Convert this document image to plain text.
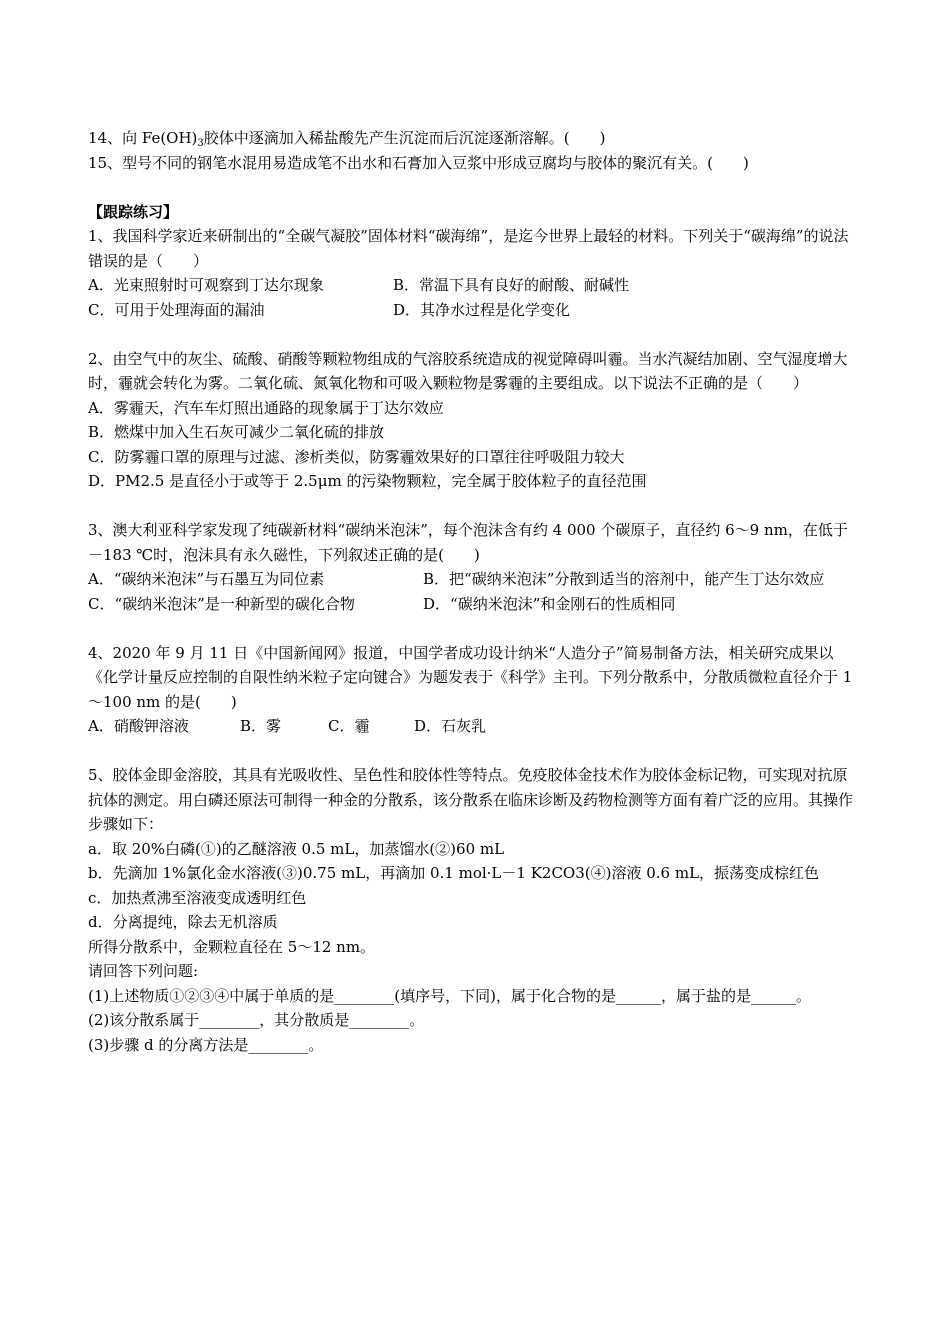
14、向 $Fe(OH)_3$胶体中逐滴加入稀盐酸先产生沉淀而后沉淀逐渐溶解。(　　)
15、型号不同的钢笔水混用易造成笔不出水和石膏加入豆浆中形成豆腐均与胶体的聚沉有关。(　　)
【跟踪练习】
1、我国科学家近来研制出的“全碳气凝胶”固体材料“碳海绵”，是迄今世界上最轻的材料。下列关于“碳海绵”的说法错误的是（　　）
A．光束照射时可观察到丁达尔现象	B．常温下具有良好的耐酸、耐碱性
C．可用于处理海面的漏油	D．其净水过程是化学变化
2、由空气中的灰尘、硫酸、硝酸等颗粒物组成的气溶胶系统造成的视觉障碍叫霾。当水汽凝结加剧、空气湿度增大时，霾就会转化为雾。二氧化硫、氮氧化物和可吸入颗粒物是雾霾的主要组成。以下说法不正确的是（　　）
A．雾霾天，汽车车灯照出通路的现象属于丁达尔效应
B．燃煤中加入生石灰可减少二氧化硫的排放
C．防雾霾口罩的原理与过滤、渗析类似，防雾霾效果好的口罩往往呼吸阻力较大
D．PM2.5 是直径小于或等于 2.5μm 的污染物颗粒，完全属于胶体粒子的直径范围
3、澳大利亚科学家发现了纯碳新材料“碳纳米泡沫”，每个泡沫含有约 4 000 个碳原子，直径约 6～9 nm，在低于－183 ℃时，泡沫具有永久磁性，下列叙述正确的是(　　)
A．“碳纳米泡沫”与石墨互为同位素	B．把“碳纳米泡沫”分散到适当的溶剂中，能产生丁达尔效应
C．“碳纳米泡沫”是一种新型的碳化合物	D．“碳纳米泡沫”和金刚石的性质相同
4、2020 年 9 月 11 日《中国新闻网》报道，中国学者成功设计纳米“人造分子”简易制备方法，相关研究成果以《化学计量反应控制的自限性纳米粒子定向键合》为题发表于《科学》主刊。下列分散系中，分散质微粒直径介于 1～100 nm 的是(　　)
A．硝酸钾溶液	B．雾	C．霾	D．石灰乳
5、胶体金即金溶胶，其具有光吸收性、呈色性和胶体性等特点。免疫胶体金技术作为胶体金标记物，可实现对抗原抗体的测定。用白磷还原法可制得一种金的分散系，该分散系在临床诊断及药物检测等方面有着广泛的应用。其操作步骤如下：
a．取 20%白磷(①)的乙醚溶液 0.5 mL，加蒸馏水(②)60 mL
b．先滴加 1%氯化金水溶液(③)0.75 mL，再滴加 0.1 mol·L－1 K2CO3(④)溶液 0.6 mL，振荡变成棕红色
c．加热煮沸至溶液变成透明红色
d．分离提纯，除去无机溶质
所得分散系中，金颗粒直径在 5～12 nm。
请回答下列问题:
(1)上述物质①②③④中属于单质的是________(填序号，下同)，属于化合物的是______，属于盐的是______。
(2)该分散系属于________，其分散质是________。
(3)步骤 d 的分离方法是________。
